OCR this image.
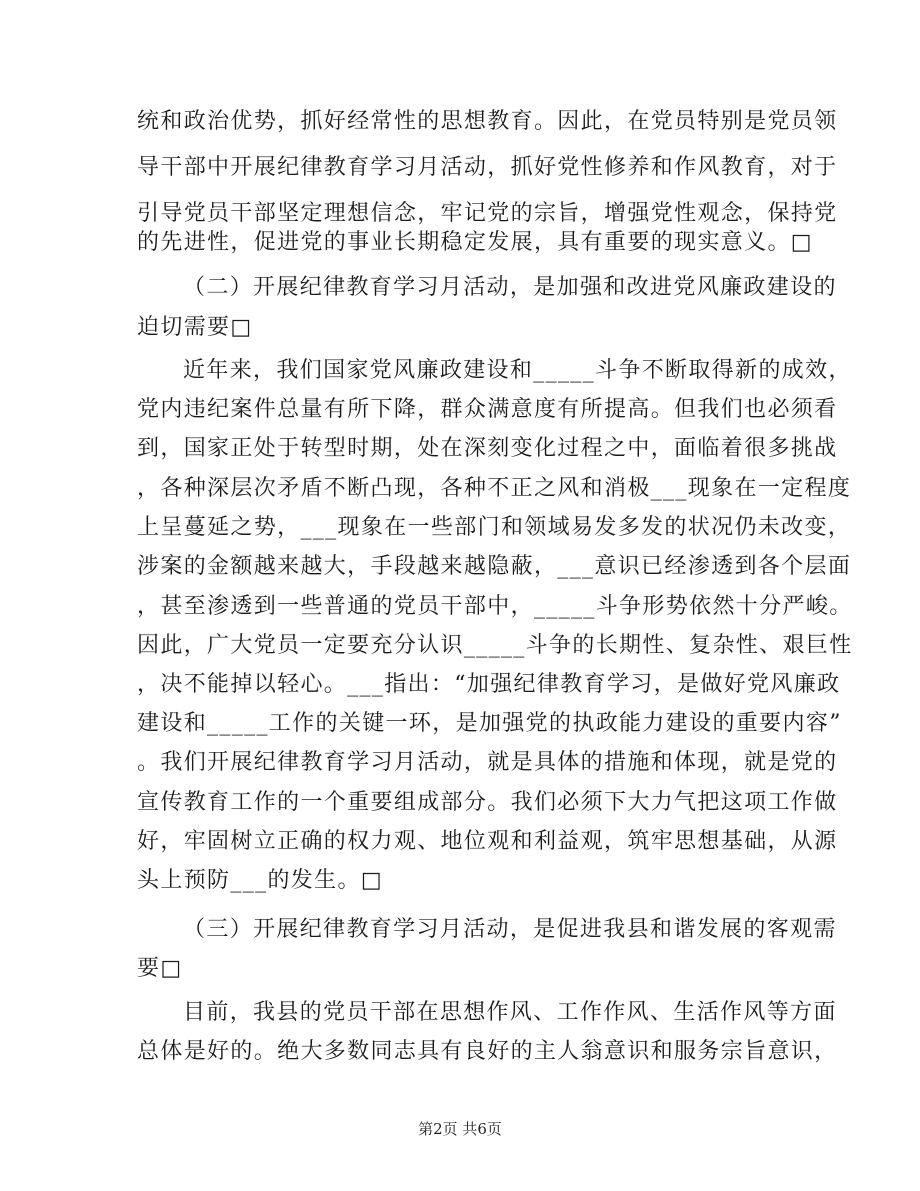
统和政治优势，抓好经常性的思想教育。因此，在党员特别是党员领
导干部中开展纪律教育学习月活动，抓好党性修养和作风教育，对于
引导党员干部坚定理想信念，牢记党的宗旨，增强党性观念，保持党
的先进性，促进党的事业长期稳定发展，具有重要的现实意义。□
（二）开展纪律教育学习月活动，是加强和改进党风廉政建设的
迫切需要□
近年来，我们国家党风廉政建设和_____斗争不断取得新的成效，
党内违纪案件总量有所下降，群众满意度有所提高。但我们也必须看
到，国家正处于转型时期，处在深刻变化过程之中，面临着很多挑战
，各种深层次矛盾不断凸现，各种不正之风和消极___现象在一定程度
上呈蔓延之势，___现象在一些部门和领域易发多发的状况仍未改变，
涉案的金额越来越大，手段越来越隐蔽，___意识已经渗透到各个层面
，甚至渗透到一些普通的党员干部中，_____斗争形势依然十分严峻。
因此，广大党员一定要充分认识_____斗争的长期性、复杂性、艰巨性
，决不能掉以轻心。___指出：“加强纪律教育学习，是做好党风廉政
建设和_____工作的关键一环，是加强党的执政能力建设的重要内容”
。我们开展纪律教育学习月活动，就是具体的措施和体现，就是党的
宣传教育工作的一个重要组成部分。我们必须下大力气把这项工作做
好，牢固树立正确的权力观、地位观和利益观，筑牢思想基础，从源
头上预防___的发生。□
（三）开展纪律教育学习月活动，是促进我县和谐发展的客观需
要□
目前，我县的党员干部在思想作风、工作作风、生活作风等方面
总体是好的。绝大多数同志具有良好的主人翁意识和服务宗旨意识，
第2页 共6页
